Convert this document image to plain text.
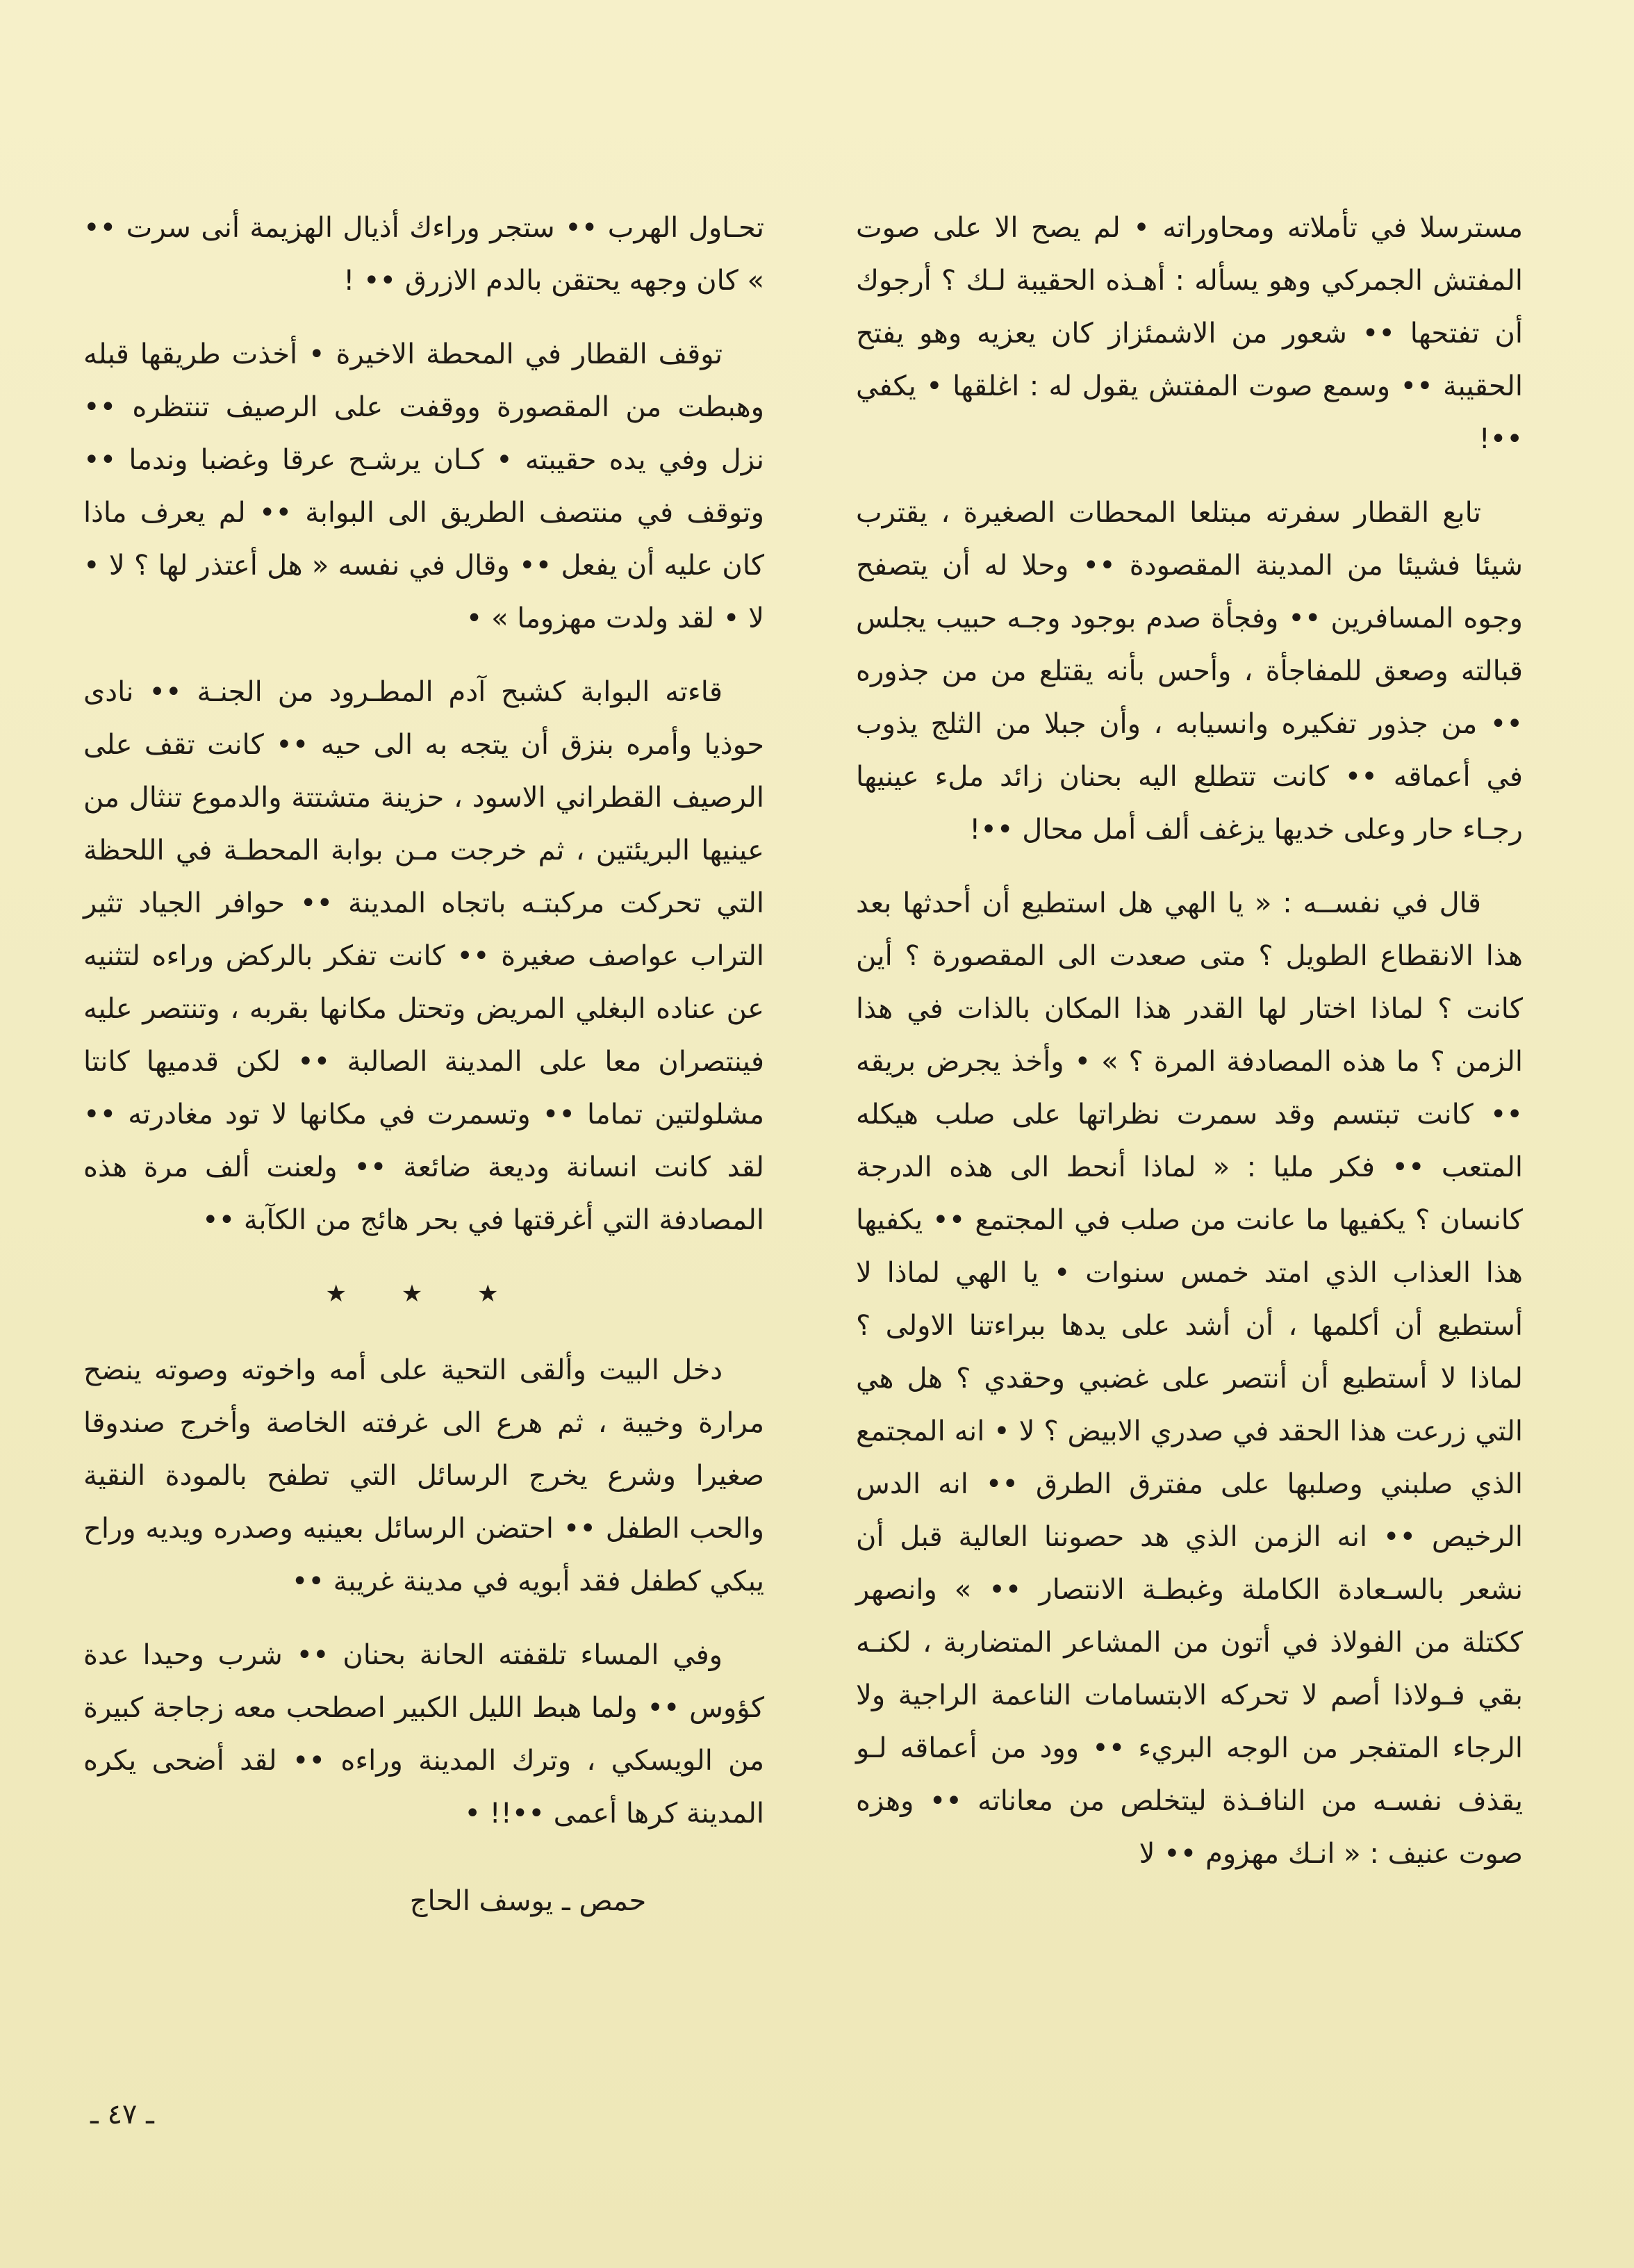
مسترسلا في تأملاته ومحاوراته • لم يصح الا على صوت المفتش الجمركي وهو يسأله : أهـذه الحقيبة لـك ؟ أرجوك أن تفتحها •• شعور من الاشمئزاز كان يعزيه وهو يفتح الحقيبة •• وسمع صوت المفتش يقول له : اغلقها • يكفي ••!

تابع القطار سفرته مبتلعا المحطات الصغيرة ، يقترب شيئا فشيئا من المدينة المقصودة •• وحلا له أن يتصفح وجوه المسافرين •• وفجأة صدم بوجود وجـه حبيب يجلس قبالته وصعق للمفاجأة ، وأحس بأنه يقتلع من من جذوره •• من جذور تفكيره وانسيابه ، وأن جبلا من الثلج يذوب في أعماقه •• كانت تتطلع اليه بحنان زائد ملء عينيها رجـاء حار وعلى خديها يزغف ألف أمل محال ••!

قال في نفســه : « يا الهي هل استطيع أن أحدثها بعد هذا الانقطاع الطويل ؟ متى صعدت الى المقصورة ؟ أين كانت ؟ لماذا اختار لها القدر هذا المكان بالذات في هذا الزمن ؟ ما هذه المصادفة المرة ؟ » • وأخذ يجرض بريقه •• كانت تبتسم وقد سمرت نظراتها على صلب هيكله المتعب •• فكر مليا : « لماذا أنحط الى هذه الدرجة كانسان ؟ يكفيها ما عانت من صلب في المجتمع •• يكفيها هذا العذاب الذي امتد خمس سنوات • يا الهي لماذا لا أستطيع أن أكلمها ، أن أشد على يدها ببراءتنا الاولى ؟ لماذا لا أستطيع أن أنتصر على غضبي وحقدي ؟ هل هي التي زرعت هذا الحقد في صدري الابيض ؟ لا • انه المجتمع الذي صلبني وصلبها على مفترق الطرق •• انه الدس الرخيص •• انه الزمن الذي هد حصوننا العالية قبل أن نشعر بالسـعادة الكاملة وغبطـة الانتصار •• » وانصهر ككتلة من الفولاذ في أتون من المشاعر المتضاربة ، لكنـه بقي فـولاذا أصم لا تحركه الابتسامات الناعمة الراجية ولا الرجاء المتفجر من الوجه البريء •• وود من أعماقه لـو يقذف نفسـه من النافـذة ليتخلص من معاناته •• وهزه صوت عنيف : « انـك مهزوم •• لا

تحـاول الهرب •• ستجر وراءك أذيال الهزيمة أنى سرت •• » كان وجهه يحتقن بالدم الازرق •• !

توقف القطار في المحطة الاخيرة • أخذت طريقها قبله وهبطت من المقصورة ووقفت على الرصيف تنتظره •• نزل وفي يده حقيبته • كـان يرشـح عرقا وغضبا وندما •• وتوقف في منتصف الطريق الى البوابة •• لم يعرف ماذا كان عليه أن يفعل •• وقال في نفسه « هل أعتذر لها ؟ لا • لا • لقد ولدت مهزوما » •

قاءته البوابة كشبح آدم المطـرود من الجنـة •• نادى حوذيا وأمره بنزق أن يتجه به الى حيه •• كانت تقف على الرصيف القطراني الاسود ، حزينة متشتتة والدموع تنثال من عينيها البريئتين ، ثم خرجت مـن بوابة المحطـة في اللحظة التي تحركت مركبتـه باتجاه المدينة •• حوافر الجياد تثير التراب عواصف صغيرة •• كانت تفكر بالركض وراءه لتثنيه عن عناده البغلي المريض وتحتل مكانها بقربه ، وتنتصر عليه فينتصران معا على المدينة الصالبة •• لكن قدميها كانتا مشلولتين تماما •• وتسمرت في مكانها لا تود مغادرته •• لقد كانت انسانة وديعة ضائعة •• ولعنت ألف مرة هذه المصادفة التي أغرقتها في بحر هائج من الكآبة ••

★ ★ ★

دخل البيت وألقى التحية على أمه واخوته وصوته ينضح مرارة وخيبة ، ثم هرع الى غرفته الخاصة وأخرج صندوقا صغيرا وشرع يخرج الرسائل التي تطفح بالمودة النقية والحب الطفل •• احتضن الرسائل بعينيه وصدره ويديه وراح يبكي كطفل فقد أبويه في مدينة غريبة ••

وفي المساء تلقفته الحانة بحنان •• شرب وحيدا عدة كؤوس •• ولما هبط الليل الكبير اصطحب معه زجاجة كبيرة من الويسكي ، وترك المدينة وراءه •• لقد أضحى يكره المدينة كرها أعمى ••!! •

حمص ـ يوسف الحاج
ـ ٤٧ ـ
